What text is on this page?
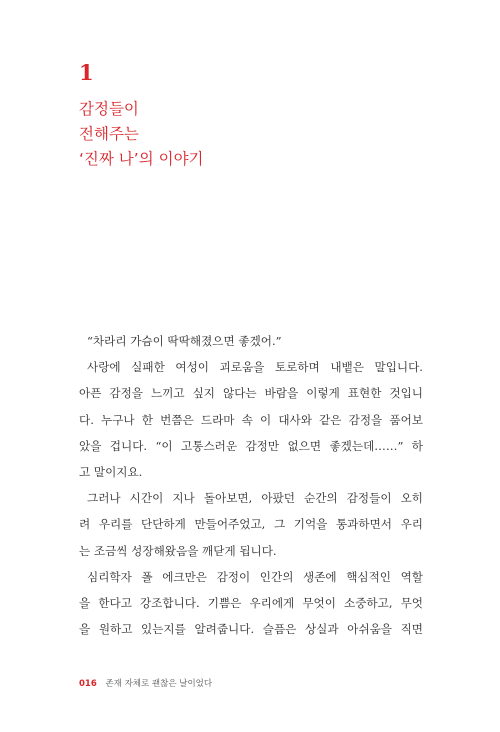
1
감정들이
전해주는
‘진짜 나’의 이야기
“차라리 가슴이 딱딱해졌으면 좋겠어.”
사랑에 실패한 여성이 괴로움을 토로하며 내뱉은 말입니다.
아픈 감정을 느끼고 싶지 않다는 바람을 이렇게 표현한 것입니
다. 누구나 한 번쯤은 드라마 속 이 대사와 같은 감정을 품어보
았을 겁니다. “이 고통스러운 감정만 없으면 좋겠는데……” 하
고 말이지요.
그러나 시간이 지나 돌아보면, 아팠던 순간의 감정들이 오히
려 우리를 단단하게 만들어주었고, 그 기억을 통과하면서 우리
는 조금씩 성장해왔음을 깨닫게 됩니다.
심리학자 폴 에크만은 감정이 인간의 생존에 핵심적인 역할
을 한다고 강조합니다. 기쁨은 우리에게 무엇이 소중하고, 무엇
을 원하고 있는지를 알려줍니다. 슬픔은 상실과 아쉬움을 직면
016 존재 자체로 괜찮은 날이었다
